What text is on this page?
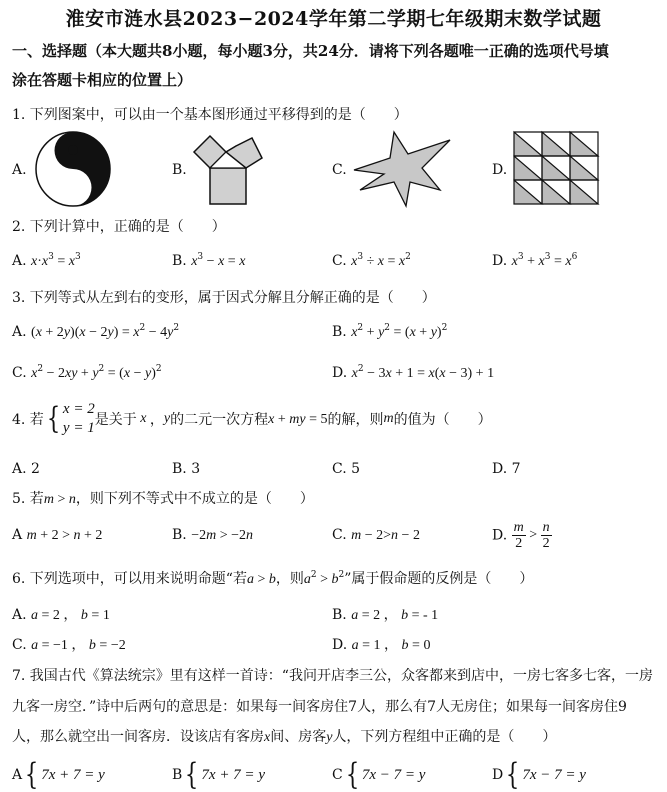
淮安市涟水县2023−2024学年第二学期七年级期末数学试题
一、选择题（本大题共8小题，每小题3分，共24分．请将下列各题唯一正确的选项代号填
涂在答题卡相应的位置上）
1. 下列图案中，可以由一个基本图形通过平移得到的是（　　）
A.	B.	C.	D.
2. 下列计算中，正确的是（　　）
A. $x\cdot x^3 = x^3$	B. $x^3 - x = x$	C. $x^3 \div x = x^2$	D. $x^3 + x^3 = x^6$
3. 下列等式从左到右的变形，属于因式分解且分解正确的是（　　）
A. $(x + 2y)(x - 2y) = x^2 - 4y^2$	B. $x^2 + y^2 = (x + y)^2$
C. $x^2 - 2xy + y^2 = (x - y)^2$	D. $x^2 - 3x + 1 = x(x - 3) + 1$
4. 若{ x = 2
y = 1是关于 x ，y的二元一次方程x + my = 5的解，则m的值为（　　）
A. 2	B. 3	C. 5	D. 7
5. 若m > n，则下列不等式中不成立的是（　　）
A m + 2 > n + 2	B. −2m > −2n	C. m − 2>n − 2	D. $\frac{m}{2} > \frac{n}{2}$
6. 下列选项中，可以用来说明命题“若a > b，则$a^2 > b^2$”属于假命题的反例是（　　）
A. a = 2 ， b = 1	B. a = 2 ， b = - 1
C. a = −1 ， b = −2	D. a = 1 ， b = 0
7. 我国古代《算法统宗》里有这样一首诗：“我问开店李三公，众客都来到店中，一房七客多七客，一房
九客一房空．”诗中后两句的意思是：如果每一间客房住7人，那么有7人无房住；如果每一间客房住9
人，那么就空出一间客房．设该店有客房x间、房客y人，下列方程组中正确的是（　　）
A{ 7x + 7 = y	B{ 7x + 7 = y	C{ 7x − 7 = y	D{ 7x − 7 = y
